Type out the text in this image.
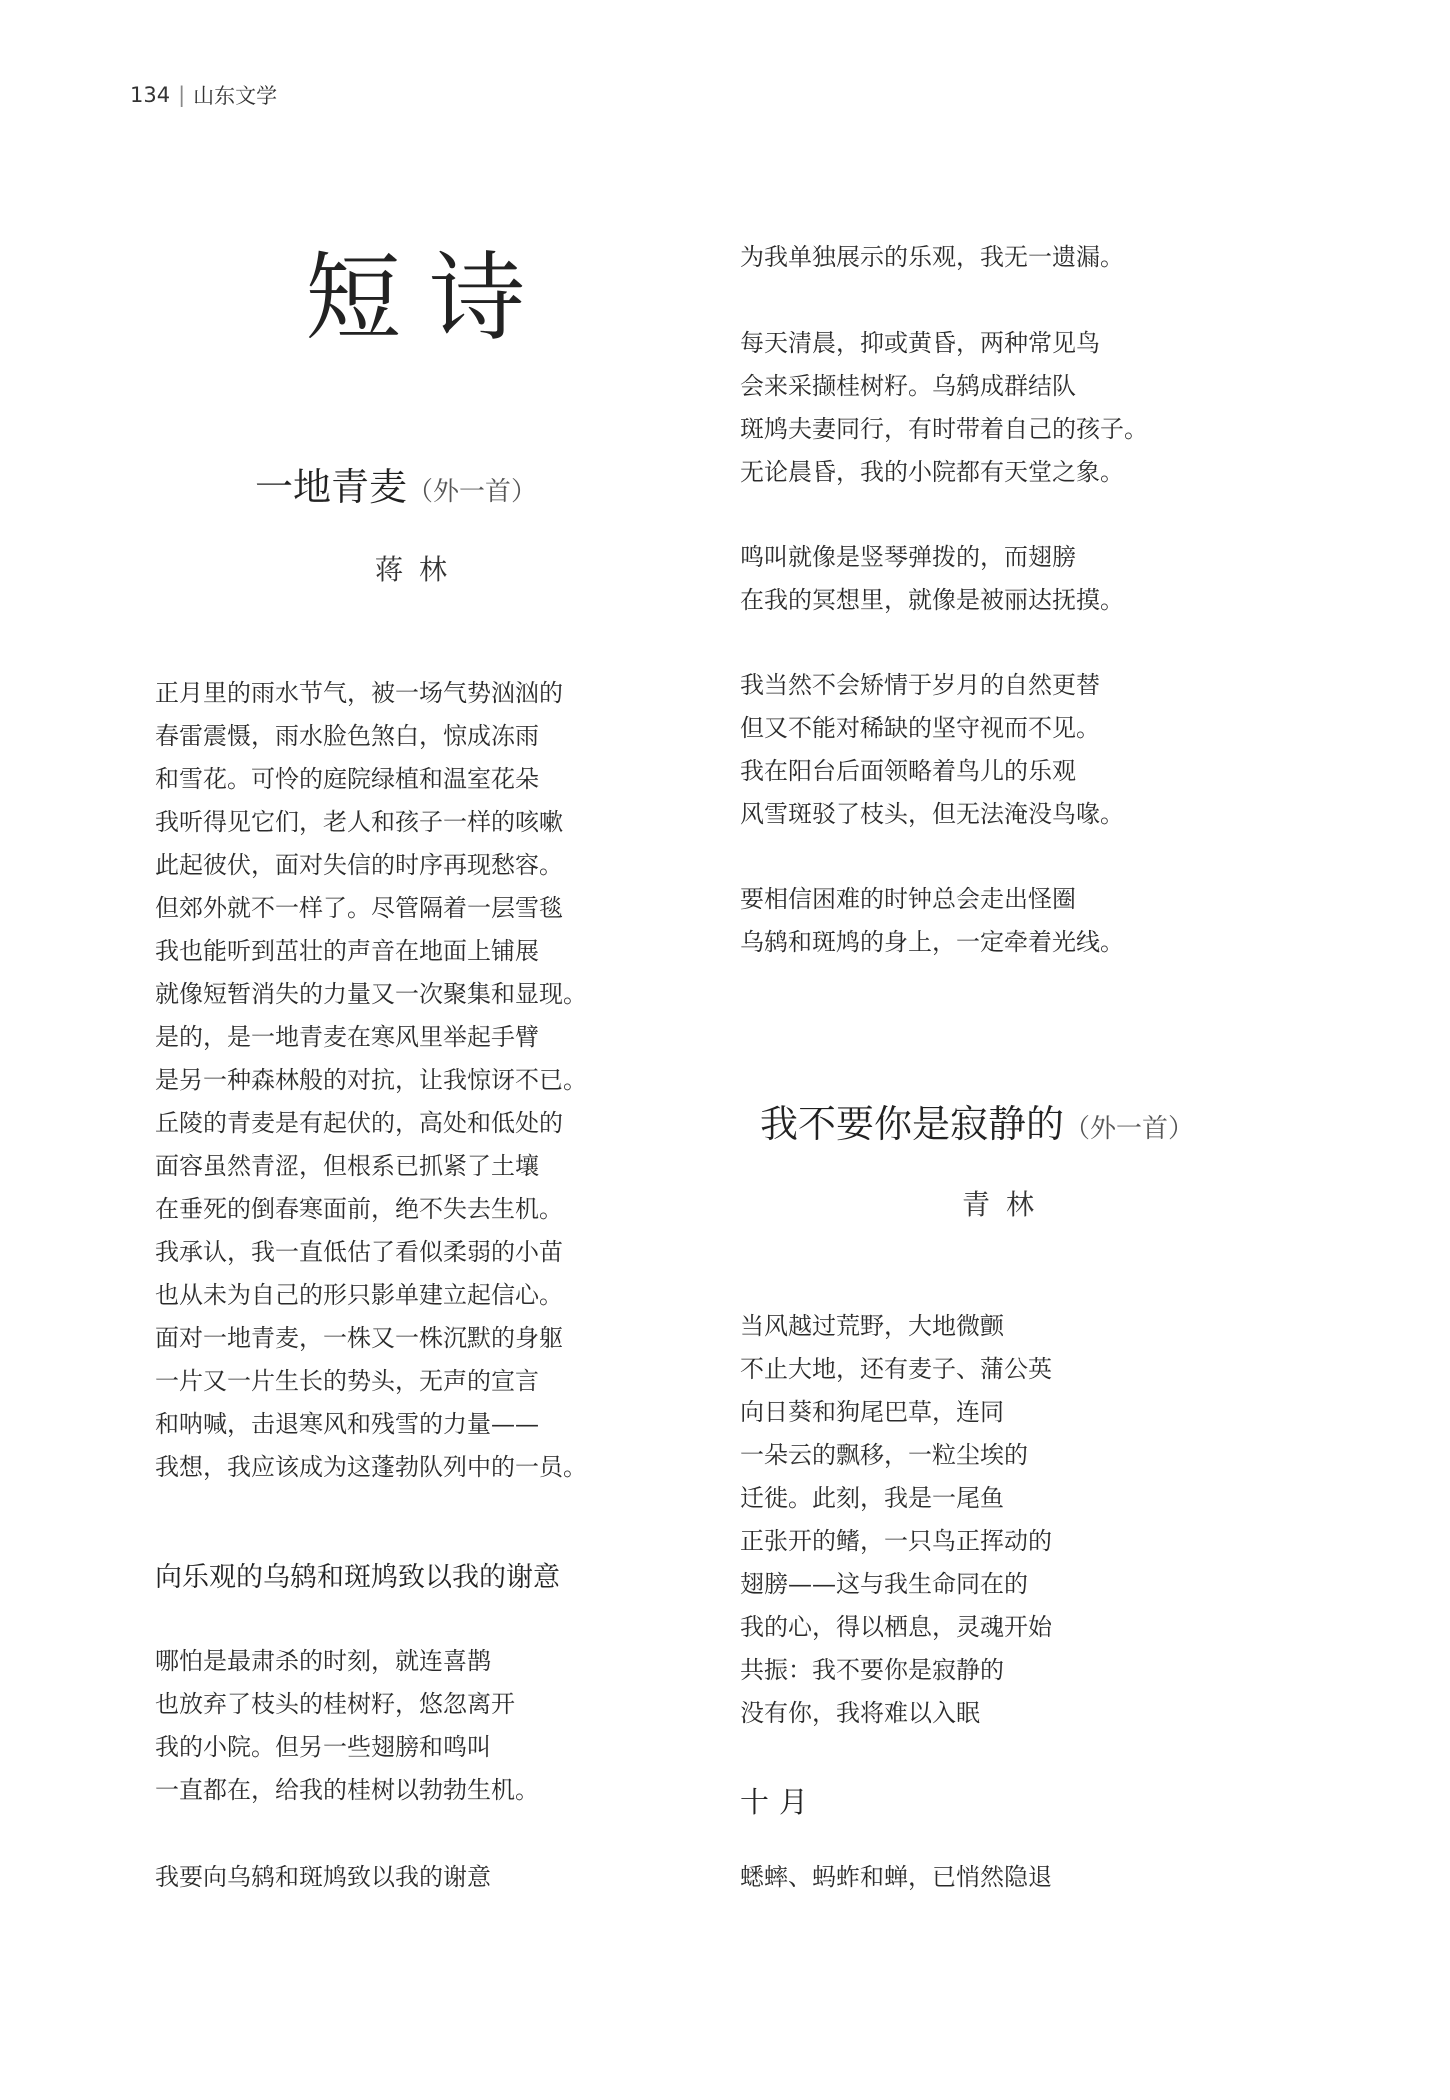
134 | 山东文学
短诗
一地青麦（外一首）
蒋林
正月里的雨水节气，被一场气势汹汹的
春雷震慑，雨水脸色煞白，惊成冻雨
和雪花。可怜的庭院绿植和温室花朵
我听得见它们，老人和孩子一样的咳嗽
此起彼伏，面对失信的时序再现愁容。
但郊外就不一样了。尽管隔着一层雪毯
我也能听到茁壮的声音在地面上铺展
就像短暂消失的力量又一次聚集和显现。
是的，是一地青麦在寒风里举起手臂
是另一种森林般的对抗，让我惊讶不已。
丘陵的青麦是有起伏的，高处和低处的
面容虽然青涩，但根系已抓紧了土壤
在垂死的倒春寒面前，绝不失去生机。
我承认，我一直低估了看似柔弱的小苗
也从未为自己的形只影单建立起信心。
面对一地青麦，一株又一株沉默的身躯
一片又一片生长的势头，无声的宣言
和呐喊，击退寒风和残雪的力量——
我想，我应该成为这蓬勃队列中的一员。
向乐观的乌鸫和斑鸠致以我的谢意
哪怕是最肃杀的时刻，就连喜鹊
也放弃了枝头的桂树籽，悠忽离开
我的小院。但另一些翅膀和鸣叫
一直都在，给我的桂树以勃勃生机。
我要向乌鸫和斑鸠致以我的谢意
为我单独展示的乐观，我无一遗漏。
每天清晨，抑或黄昏，两种常见鸟
会来采撷桂树籽。乌鸫成群结队
斑鸠夫妻同行，有时带着自己的孩子。
无论晨昏，我的小院都有天堂之象。
鸣叫就像是竖琴弹拨的，而翅膀
在我的冥想里，就像是被丽达抚摸。
我当然不会矫情于岁月的自然更替
但又不能对稀缺的坚守视而不见。
我在阳台后面领略着鸟儿的乐观
风雪斑驳了枝头，但无法淹没鸟喙。
要相信困难的时钟总会走出怪圈
乌鸫和斑鸠的身上，一定牵着光线。
我不要你是寂静的（外一首）
青林
当风越过荒野，大地微颤
不止大地，还有麦子、蒲公英
向日葵和狗尾巴草，连同
一朵云的飘移，一粒尘埃的
迁徙。此刻，我是一尾鱼
正张开的鳍，一只鸟正挥动的
翅膀——这与我生命同在的
我的心，得以栖息，灵魂开始
共振：我不要你是寂静的
没有你，我将难以入眠
十月
蟋蟀、蚂蚱和蝉，已悄然隐退
